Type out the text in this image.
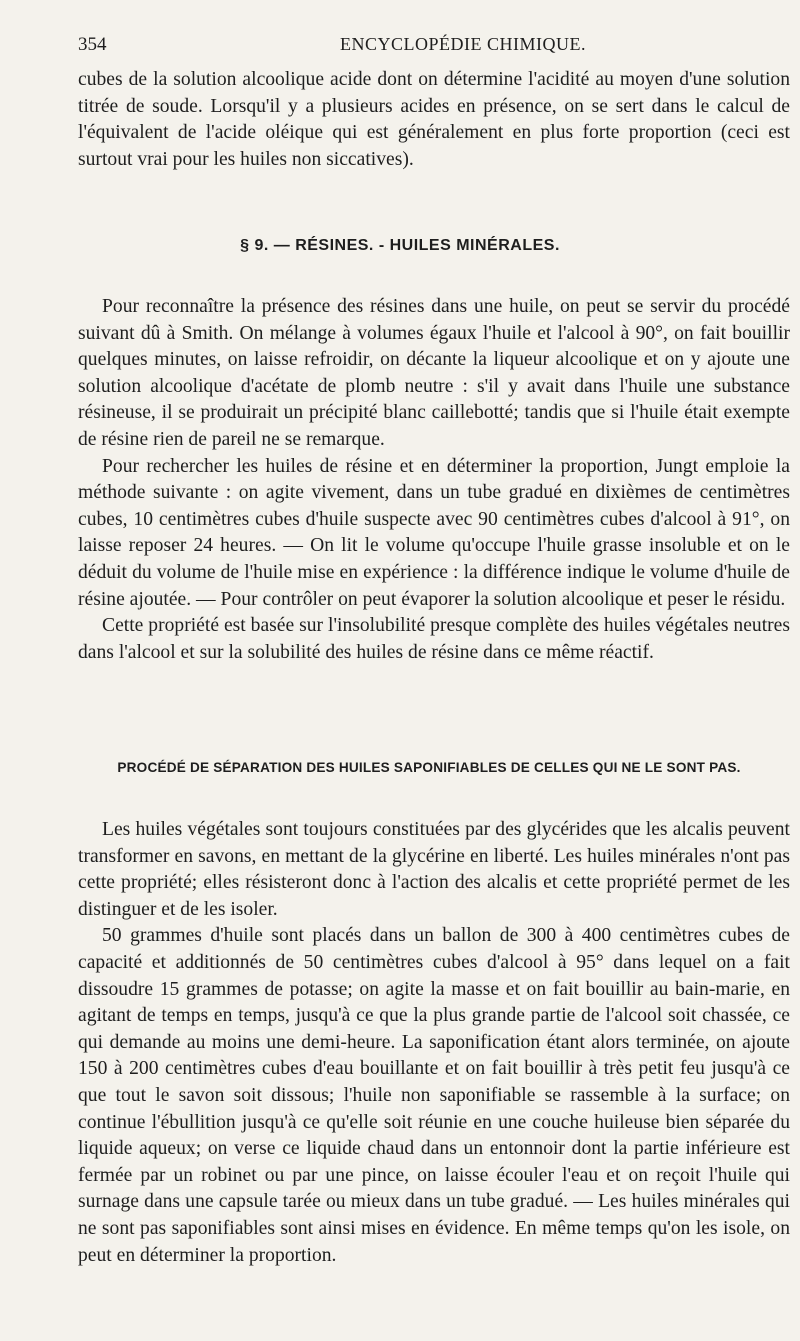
354	ENCYCLOPÉDIE CHIMIQUE.

cubes de la solution alcoolique acide dont on détermine l'acidité au moyen d'une solution titrée de soude. Lorsqu'il y a plusieurs acides en présence, on se sert dans le calcul de l'équivalent de l'acide oléique qui est généralement en plus forte proportion (ceci est surtout vrai pour les huiles non siccatives).

§ 9. — RÉSINES. - HUILES MINÉRALES.

Pour reconnaître la présence des résines dans une huile, on peut se servir du procédé suivant dû à Smith. On mélange à volumes égaux l'huile et l'alcool à 90°, on fait bouillir quelques minutes, on laisse refroidir, on décante la liqueur alcoolique et on y ajoute une solution alcoolique d'acétate de plomb neutre : s'il y avait dans l'huile une substance résineuse, il se produirait un précipité blanc caillebotté; tandis que si l'huile était exempte de résine rien de pareil ne se remarque.

Pour rechercher les huiles de résine et en déterminer la proportion, Jungt emploie la méthode suivante : on agite vivement, dans un tube gradué en dixièmes de centimètres cubes, 10 centimètres cubes d'huile suspecte avec 90 centimètres cubes d'alcool à 91°, on laisse reposer 24 heures. — On lit le volume qu'occupe l'huile grasse insoluble et on le déduit du volume de l'huile mise en expérience : la différence indique le volume d'huile de résine ajoutée. — Pour contrôler on peut évaporer la solution alcoolique et peser le résidu.

Cette propriété est basée sur l'insolubilité presque complète des huiles végétales neutres dans l'alcool et sur la solubilité des huiles de résine dans ce même réactif.

PROCÉDÉ DE SÉPARATION DES HUILES SAPONIFIABLES DE CELLES QUI NE LE SONT PAS.

Les huiles végétales sont toujours constituées par des glycérides que les alcalis peuvent transformer en savons, en mettant de la glycérine en liberté. Les huiles minérales n'ont pas cette propriété; elles résisteront donc à l'action des alcalis et cette propriété permet de les distinguer et de les isoler.

50 grammes d'huile sont placés dans un ballon de 300 à 400 centimètres cubes de capacité et additionnés de 50 centimètres cubes d'alcool à 95° dans lequel on a fait dissoudre 15 grammes de potasse; on agite la masse et on fait bouillir au bain-marie, en agitant de temps en temps, jusqu'à ce que la plus grande partie de l'alcool soit chassée, ce qui demande au moins une demi-heure. La saponification étant alors terminée, on ajoute 150 à 200 centimètres cubes d'eau bouillante et on fait bouillir à très petit feu jusqu'à ce que tout le savon soit dissous; l'huile non saponifiable se rassemble à la surface; on continue l'ébullition jusqu'à ce qu'elle soit réunie en une couche huileuse bien séparée du liquide aqueux; on verse ce liquide chaud dans un entonnoir dont la partie inférieure est fermée par un robinet ou par une pince, on laisse écouler l'eau et on reçoit l'huile qui surnage dans une capsule tarée ou mieux dans un tube gradué. — Les huiles minérales qui ne sont pas saponifiables sont ainsi mises en évidence. En même temps qu'on les isole, on peut en déterminer la proportion.
